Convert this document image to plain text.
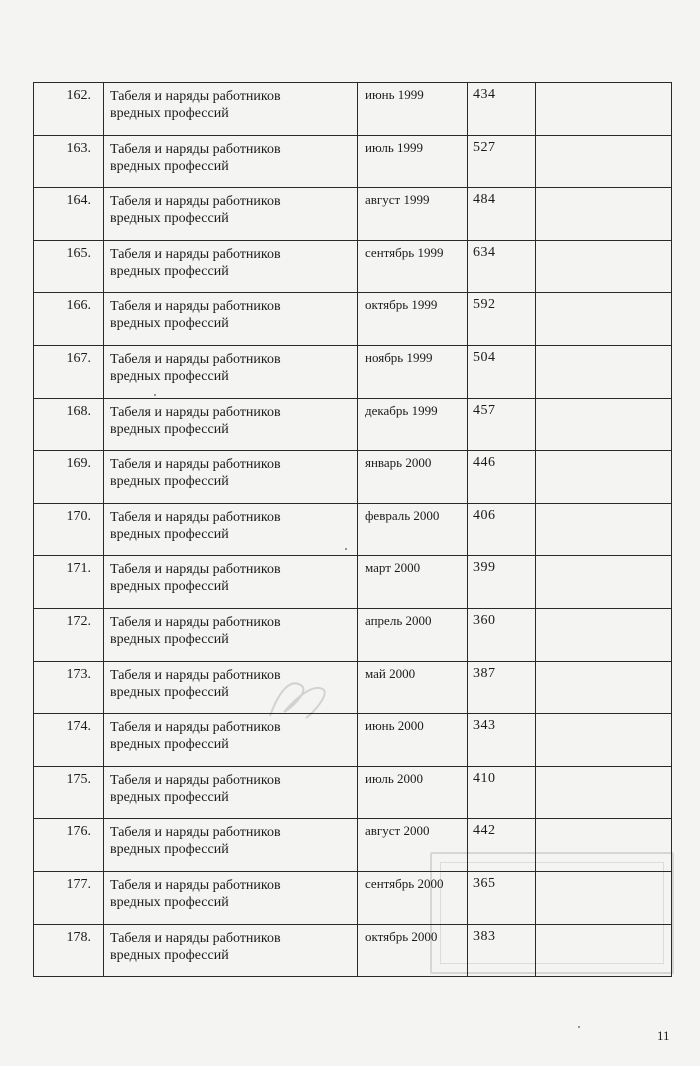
162.	Табеля и наряды работников
вредных профессий	июнь 1999	434	
163.	Табеля и наряды работников
вредных профессий	июль 1999	527	
164.	Табеля и наряды работников
вредных профессий	август 1999	484	
165.	Табеля и наряды работников
вредных профессий	сентябрь 1999	634	
166.	Табеля и наряды работников
вредных профессий	октябрь 1999	592	
167.	Табеля и наряды работников
вредных профессий	ноябрь 1999	504	
168.	Табеля и наряды работников
вредных профессий	декабрь 1999	457	
169.	Табеля и наряды работников
вредных профессий	январь 2000	446	
170.	Табеля и наряды работников
вредных профессий	февраль 2000	406	
171.	Табеля и наряды работников
вредных профессий	март 2000	399	
172.	Табеля и наряды работников
вредных профессий	апрель 2000	360	
173.	Табеля и наряды работников
вредных профессий	май 2000	387	
174.	Табеля и наряды работников
вредных профессий	июнь 2000	343	
175.	Табеля и наряды работников
вредных профессий	июль 2000	410	
176.	Табеля и наряды работников
вредных профессий	август 2000	442	
177.	Табеля и наряды работников
вредных профессий	сентябрь 2000	365	
178.	Табеля и наряды работников
вредных профессий	октябрь 2000	383	
11
